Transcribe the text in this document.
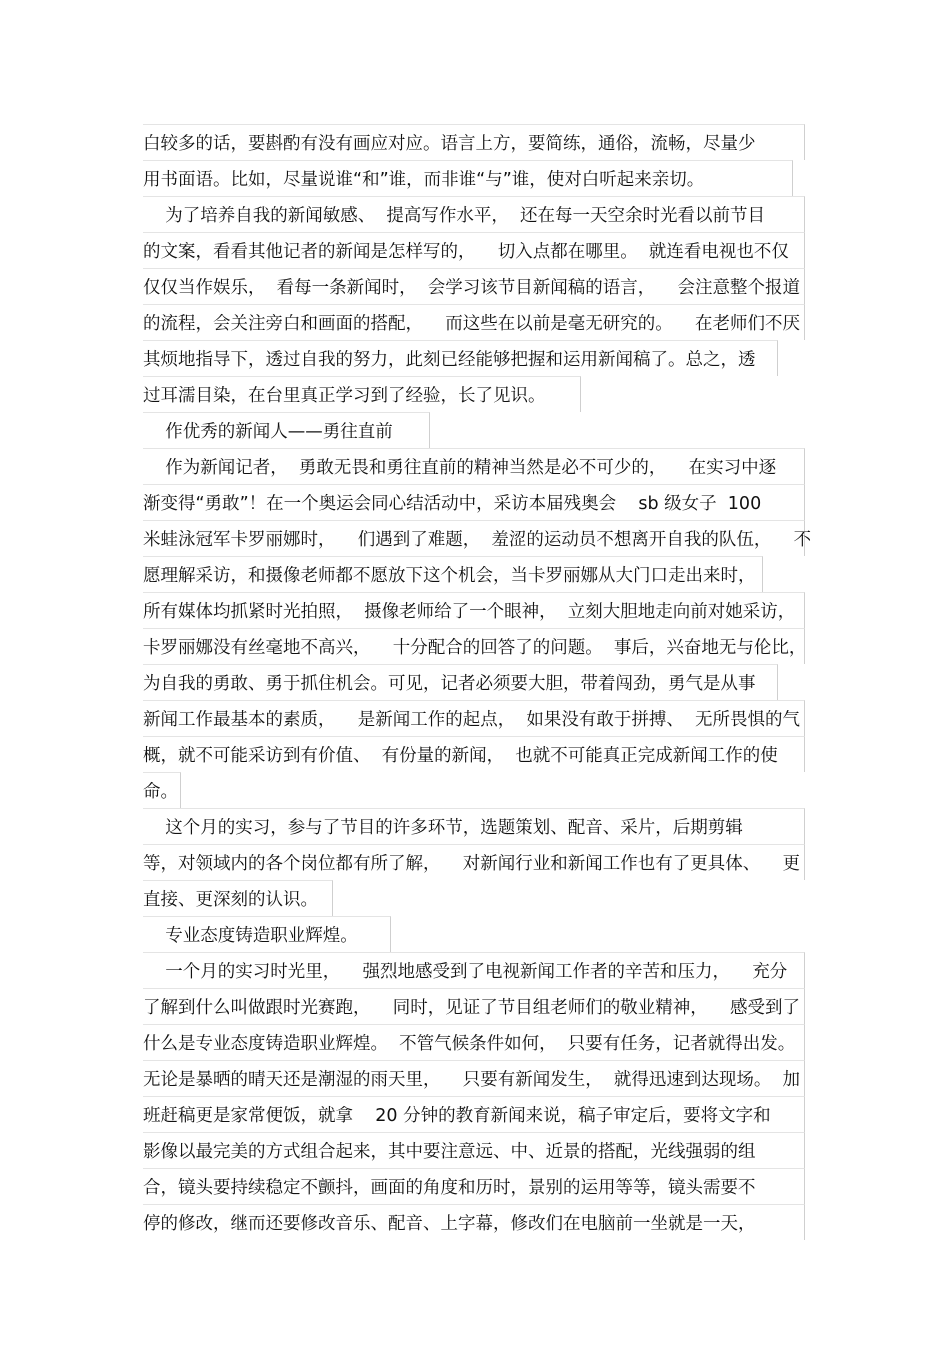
白较多的话，要斟酌有没有画应对应。语言上方，要简练，通俗，流畅，尽量少
用书面语。比如，尽量说谁“和”谁，而非谁“与”谁，使对白听起来亲切。
为了培养自我的新闻敏感、  提高写作水平，  还在每一天空余时光看以前节目
的文案，看看其他记者的新闻是怎样写的，    切入点都在哪里。  就连看电视也不仅
仅仅当作娱乐，  看每一条新闻时，  会学习该节目新闻稿的语言，    会注意整个报道
的流程，会关注旁白和画面的搭配，    而这些在以前是毫无研究的。    在老师们不厌
其烦地指导下，透过自我的努力，此刻已经能够把握和运用新闻稿了。总之，透
过耳濡目染，在台里真正学习到了经验，长了见识。
作优秀的新闻人——勇往直前
作为新闻记者，  勇敢无畏和勇往直前的精神当然是必不可少的，    在实习中逐
渐变得“勇敢”！在一个奥运会同心结活动中，采访本届残奥会    sb 级女子  100
米蛙泳冠军卡罗丽娜时，    们遇到了难题，  羞涩的运动员不想离开自我的队伍，    不
愿理解采访，和摄像老师都不愿放下这个机会，当卡罗丽娜从大门口走出来时，
所有媒体均抓紧时光拍照，  摄像老师给了一个眼神，  立刻大胆地走向前对她采访，
卡罗丽娜没有丝毫地不高兴，    十分配合的回答了的问题。  事后，兴奋地无与伦比，
为自我的勇敢、勇于抓住机会。可见，记者必须要大胆，带着闯劲，勇气是从事
新闻工作最基本的素质，    是新闻工作的起点，  如果没有敢于拼搏、  无所畏惧的气
概，就不可能采访到有价值、  有份量的新闻，  也就不可能真正完成新闻工作的使
命。
这个月的实习，参与了节目的许多环节，选题策划、配音、采片，后期剪辑
等，对领域内的各个岗位都有所了解，    对新闻行业和新闻工作也有了更具体、    更
直接、更深刻的认识。
专业态度铸造职业辉煌。
一个月的实习时光里，    强烈地感受到了电视新闻工作者的辛苦和压力，    充分
了解到什么叫做跟时光赛跑，    同时，见证了节目组老师们的敬业精神，    感受到了
什么是专业态度铸造职业辉煌。  不管气候条件如何，  只要有任务，记者就得出发。
无论是暴晒的晴天还是潮湿的雨天里，    只要有新闻发生，  就得迅速到达现场。  加
班赶稿更是家常便饭，就拿    20 分钟的教育新闻来说，稿子审定后，要将文字和
影像以最完美的方式组合起来，其中要注意远、中、近景的搭配，光线强弱的组
合，镜头要持续稳定不颤抖，画面的角度和历时，景别的运用等等，镜头需要不
停的修改，继而还要修改音乐、配音、上字幕，修改们在电脑前一坐就是一天，
